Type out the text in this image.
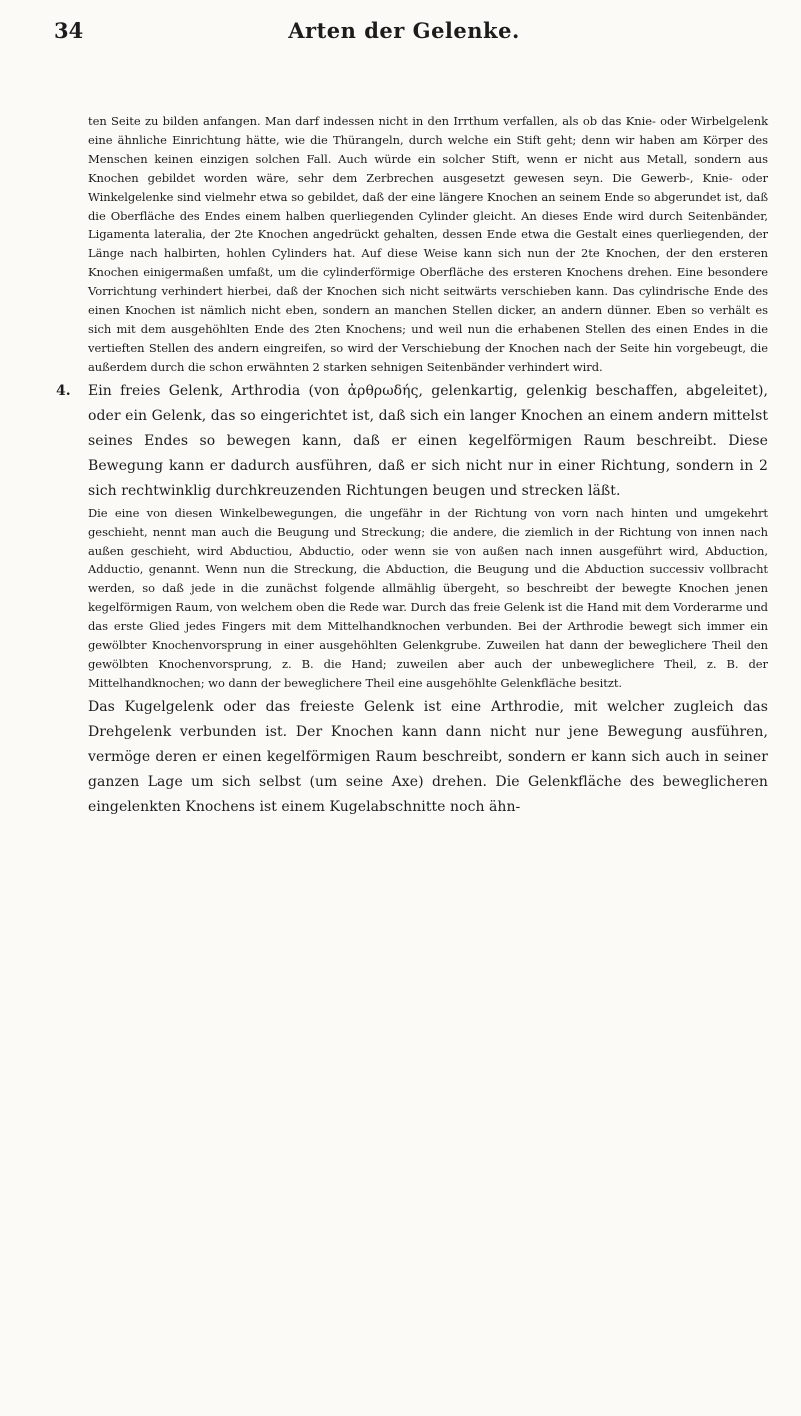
34	Arten der Gelenke.

ten Seite zu bilden anfangen. Man darf indessen nicht in den Irrthum verfallen, als ob das Knie- oder Wirbelgelenk eine ähnliche Einrichtung hätte, wie die Thürangeln, durch welche ein Stift geht; denn wir haben am Körper des Menschen keinen einzigen solchen Fall. Auch würde ein solcher Stift, wenn er nicht aus Metall, sondern aus Knochen gebildet worden wäre, sehr dem Zerbrechen ausgesetzt gewesen seyn. Die Gewerb-, Knie- oder Winkelgelenke sind vielmehr etwa so gebildet, daß der eine längere Knochen an seinem Ende so abgerundet ist, daß die Oberfläche des Endes einem halben querliegenden Cylinder gleicht. An dieses Ende wird durch Seitenbänder, Ligamenta lateralia, der 2te Knochen angedrückt gehalten, dessen Ende etwa die Gestalt eines querliegenden, der Länge nach halbirten, hohlen Cylinders hat. Auf diese Weise kann sich nun der 2te Knochen, der den ersteren Knochen einigermaßen umfaßt, um die cylinderförmige Oberfläche des ersteren Knochens drehen. Eine besondere Vorrichtung verhindert hierbei, daß der Knochen sich nicht seitwärts verschieben kann. Das cylindrische Ende des einen Knochen ist nämlich nicht eben, sondern an manchen Stellen dicker, an andern dünner. Eben so verhält es sich mit dem ausgehöhlten Ende des 2ten Knochens; und weil nun die erhabenen Stellen des einen Endes in die vertieften Stellen des andern eingreifen, so wird der Verschiebung der Knochen nach der Seite hin vorgebeugt, die außerdem durch die schon erwähnten 2 starken sehnigen Seitenbänder verhindert wird.

4. Ein freies Gelenk, Arthrodia (von ἀρθρωδής, gelenkartig, gelenkig beschaffen, abgeleitet), oder ein Gelenk, das so eingerichtet ist, daß sich ein langer Knochen an einem andern mittelst seines Endes so bewegen kann, daß er einen kegelförmigen Raum beschreibt. Diese Bewegung kann er dadurch ausführen, daß er sich nicht nur in einer Richtung, sondern in 2 sich rechtwinklig durchkreuzenden Richtungen beugen und strecken läßt.

Die eine von diesen Winkelbewegungen, die ungefähr in der Richtung von vorn nach hinten und umgekehrt geschieht, nennt man auch die Beugung und Streckung; die andere, die ziemlich in der Richtung von innen nach außen geschieht, wird Abductiou, Abductio, oder wenn sie von außen nach innen ausgeführt wird, Abduction, Adductio, genannt. Wenn nun die Streckung, die Abduction, die Beugung und die Abduction successiv vollbracht werden, so daß jede in die zunächst folgende allmählig übergeht, so beschreibt der bewegte Knochen jenen kegelförmigen Raum, von welchem oben die Rede war. Durch das freie Gelenk ist die Hand mit dem Vorderarme und das erste Glied jedes Fingers mit dem Mittelhandknochen verbunden. Bei der Arthrodie bewegt sich immer ein gewölbter Knochenvorsprung in einer ausgehöhlten Gelenkgrube. Zuweilen hat dann der beweglichere Theil den gewölbten Knochenvorsprung, z. B. die Hand; zuweilen aber auch der unbeweglichere Theil, z. B. der Mittelhandknochen; wo dann der beweglichere Theil eine ausgehöhlte Gelenkfläche besitzt.

Das Kugelgelenk oder das freieste Gelenk ist eine Arthrodie, mit welcher zugleich das Drehgelenk verbunden ist. Der Knochen kann dann nicht nur jene Bewegung ausführen, vermöge deren er einen kegelförmigen Raum beschreibt, sondern er kann sich auch in seiner ganzen Lage um sich selbst (um seine Axe) drehen. Die Gelenkfläche des beweglicheren eingelenkten Knochens ist einem Kugelabschnitte noch ähn-
